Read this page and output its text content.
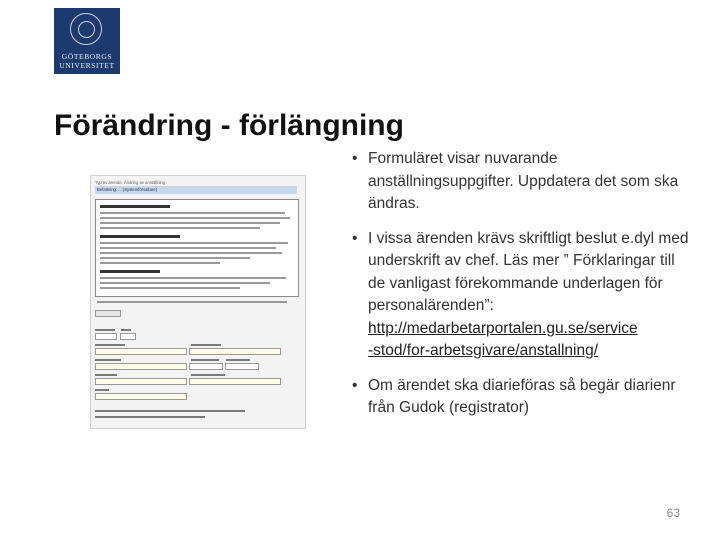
GÖTEBORGS
UNIVERSITET
Förändring - förlängning
Typ av ärende: Ändring av anställning
Befattning: ... (Systemförvaltare)
• Formuläret visar nuvarande anställningsuppgifter. Uppdatera det som ska ändras.
• I vissa ärenden krävs skriftligt beslut e.dyl med underskrift av chef. Läs mer ” Förklaringar till de vanligast förekommande underlagen för personalärenden”:
http://medarbetarportalen.gu.se/service
-stod/for-arbetsgivare/anstallning/
• Om ärendet ska diarieföras så begär diarienr från Gudok (registrator)
63
